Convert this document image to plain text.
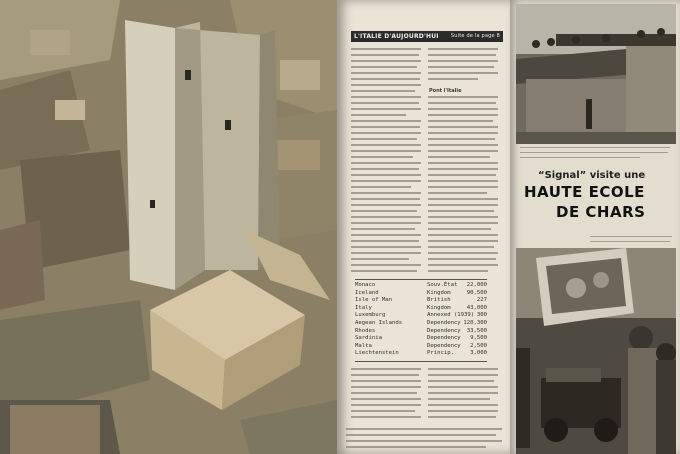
L'ITALIE D'AUJOURD'HUI Suite de la page 8
Pont l'Italie
Monaco	Souv.État 22,000
Iceland	Kingdom	90,500
Isle of Man	British	227
Italy	Kingdom	43,000
Luxemburg	Annexed (1939) 300
Aegean Islands	Dependency 120,300
Rhodes	Dependency 33,500
Sardinia	Dependency 9,500
Malta	Dependency 2,500
Liechtenstein	Princip.	3,000
“Signal” visite une
HAUTE ECOLE
DE CHARS
